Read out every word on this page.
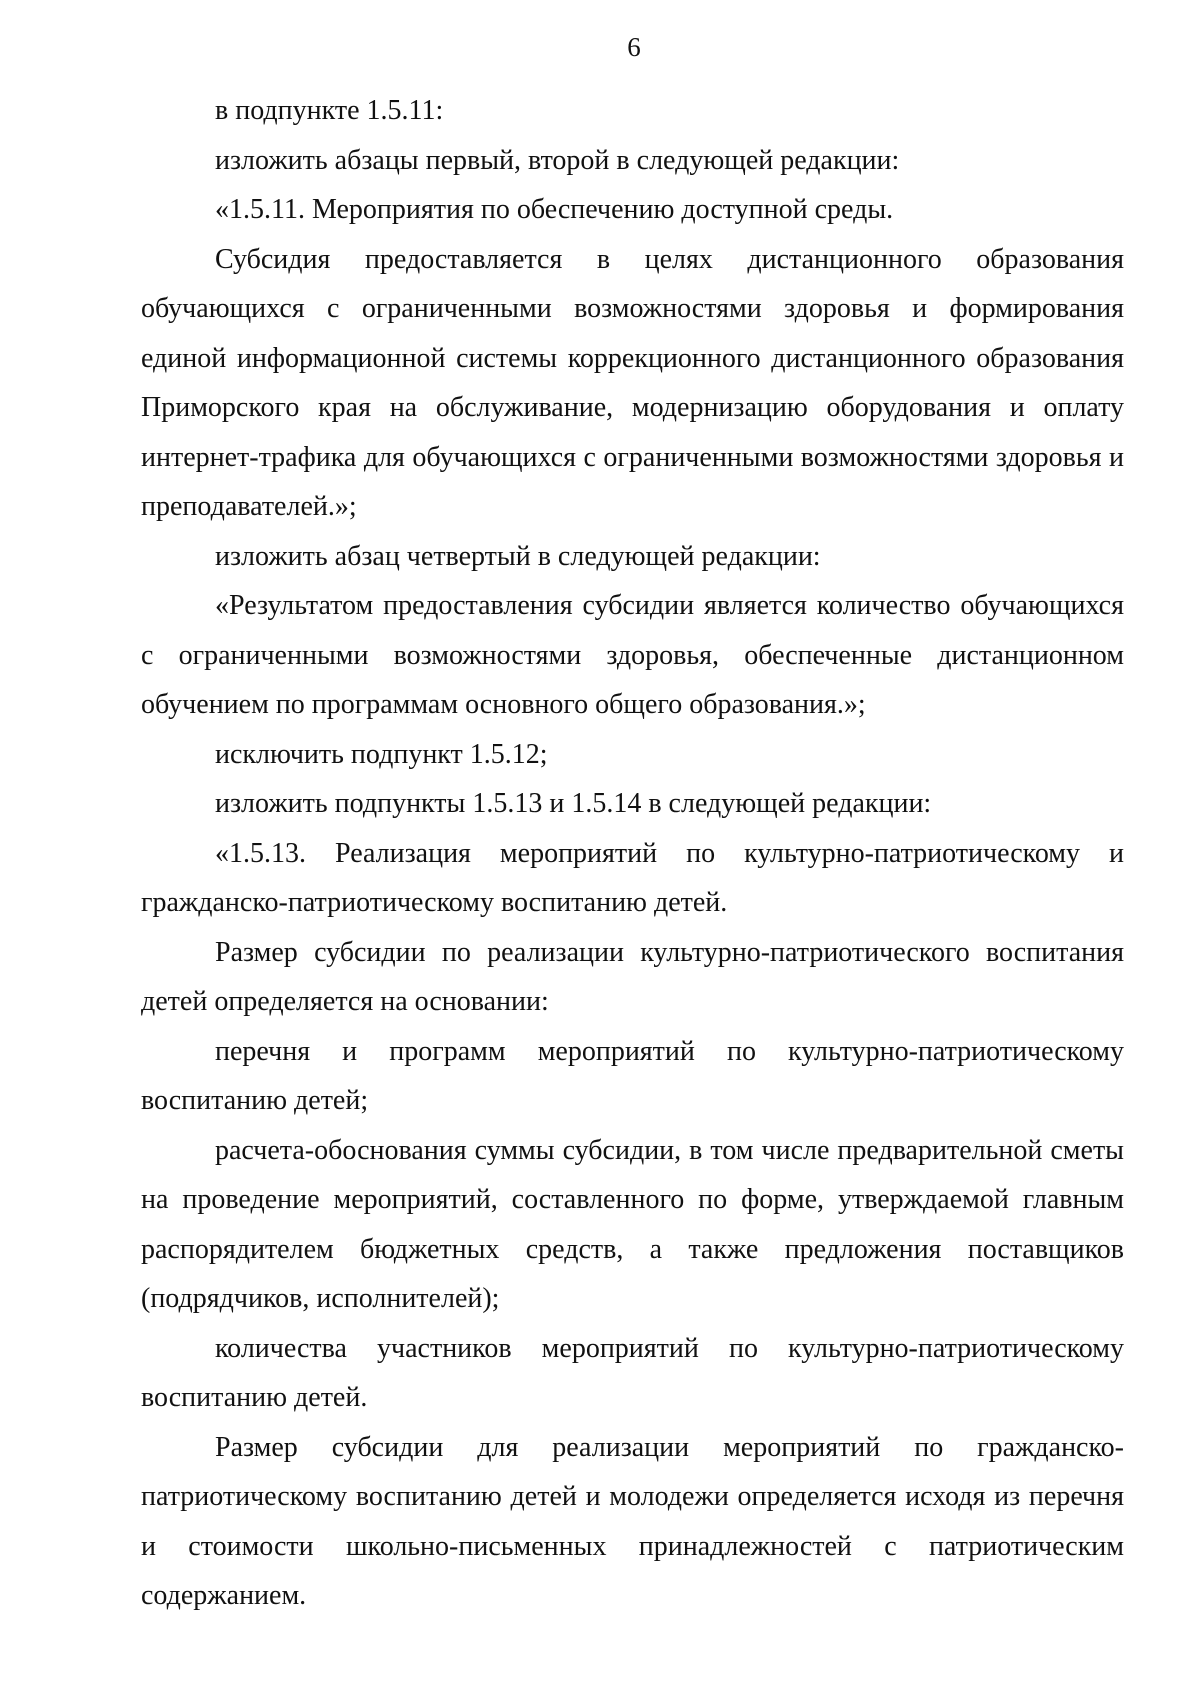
6

в подпункте 1.5.11:

изложить абзацы первый, второй в следующей редакции:

«1.5.11. Мероприятия по обеспечению доступной среды.

Субсидия предоставляется в целях дистанционного образования обучающихся с ограниченными возможностями здоровья и формирования единой информационной системы коррекционного дистанционного образования Приморского края на обслуживание, модернизацию оборудования и оплату интернет-трафика для обучающихся с ограниченными возможностями здоровья и преподавателей.»;

изложить абзац четвертый в следующей редакции:

«Результатом предоставления субсидии является количество обучающихся с ограниченными возможностями здоровья, обеспеченные дистанционном обучением по программам основного общего образования.»;

исключить подпункт 1.5.12;

изложить подпункты 1.5.13 и 1.5.14 в следующей редакции:

«1.5.13. Реализация мероприятий по культурно-патриотическому и гражданско-патриотическому воспитанию детей.

Размер субсидии по реализации культурно-патриотического воспитания детей определяется на основании:

перечня и программ мероприятий по культурно-патриотическому воспитанию детей;

расчета-обоснования суммы субсидии, в том числе предварительной сметы на проведение мероприятий, составленного по форме, утверждаемой главным распорядителем бюджетных средств, а также предложения поставщиков (подрядчиков, исполнителей);

количества участников мероприятий по культурно-патриотическому воспитанию детей.

Размер субсидии для реализации мероприятий по гражданско-патриотическому воспитанию детей и молодежи определяется исходя из перечня и стоимости школьно-письменных принадлежностей с патриотическим содержанием.
